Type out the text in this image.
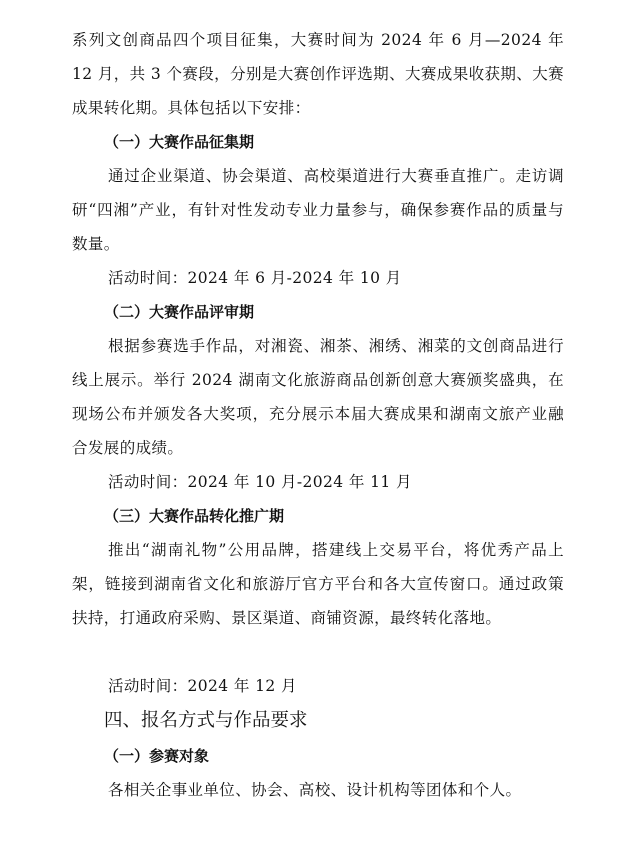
系列文创商品四个项目征集，大赛时间为 2024 年 6 月—2024 年 12 月，共 3 个赛段，分别是大赛创作评选期、大赛成果收获期、大赛成果转化期。具体包括以下安排：

（一）大赛作品征集期

通过企业渠道、协会渠道、高校渠道进行大赛垂直推广。走访调研“四湘”产业，有针对性发动专业力量参与，确保参赛作品的质量与数量。

活动时间：2024 年 6 月-2024 年 10 月

（二）大赛作品评审期

根据参赛选手作品，对湘瓷、湘茶、湘绣、湘菜的文创商品进行线上展示。举行 2024 湖南文化旅游商品创新创意大赛颁奖盛典，在现场公布并颁发各大奖项，充分展示本届大赛成果和湖南文旅产业融合发展的成绩。

活动时间：2024 年 10 月-2024 年 11 月

（三）大赛作品转化推广期

推出“湖南礼物”公用品牌，搭建线上交易平台，将优秀产品上架，链接到湖南省文化和旅游厅官方平台和各大宣传窗口。通过政策扶持，打通政府采购、景区渠道、商铺资源，最终转化落地。

活动时间：2024 年 12 月

四、报名方式与作品要求
（一）参赛对象

各相关企事业单位、协会、高校、设计机构等团体和个人。
